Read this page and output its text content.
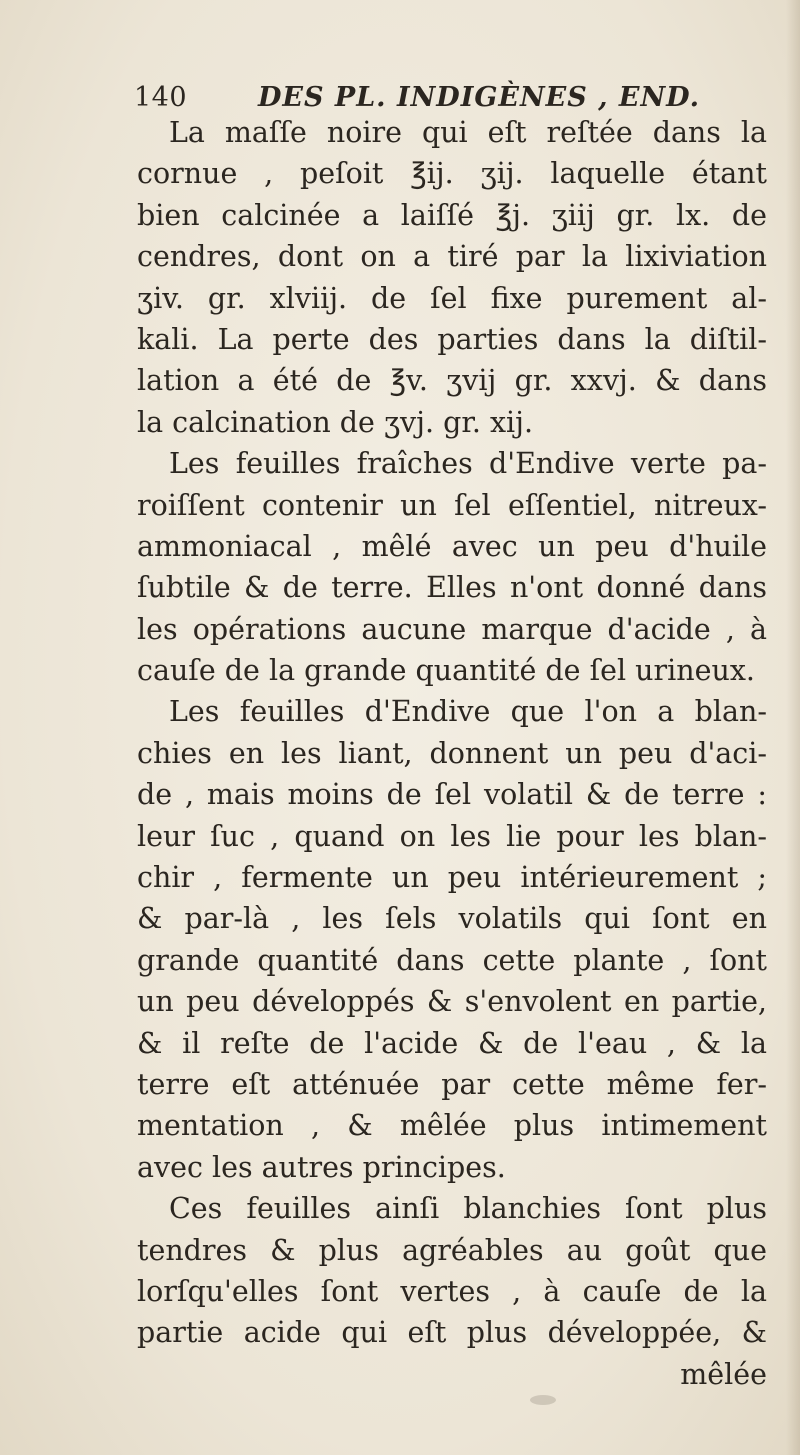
140	DES PL. INDIGÈNES , END.
La maſſe noire qui eſt reſtée dans la
cornue , peſoit ℥ij. ʒij. laquelle étant
bien calcinée a laiſſé ℥j. ʒiij gr. lx. de
cendres, dont on a tiré par la lixiviation
ʒiv. gr. xlviij. de ſel fixe purement al-
kali. La perte des parties dans la diſtil-
lation a été de ℥v. ʒvij gr. xxvj. & dans
la calcination de ʒvj. gr. xij.
Les feuilles fraîches d'Endive verte pa-
roiſſent contenir un ſel eſſentiel, nitreux-
ammoniacal , mêlé avec un peu d'huile
ſubtile & de terre. Elles n'ont donné dans
les opérations aucune marque d'acide , à
cauſe de la grande quantité de ſel urineux.
Les feuilles d'Endive que l'on a blan-
chies en les liant, donnent un peu d'aci-
de , mais moins de ſel volatil & de terre :
leur ſuc , quand on les lie pour les blan-
chir , fermente un peu intérieurement ;
& par-là , les ſels volatils qui ſont en
grande quantité dans cette plante , ſont
un peu développés & s'envolent en partie,
& il reſte de l'acide & de l'eau , & la
terre eſt atténuée par cette même fer-
mentation , & mêlée plus intimement
avec les autres principes.
Ces feuilles ainſi blanchies ſont plus
tendres & plus agréables au goût que
lorſqu'elles ſont vertes , à cauſe de la
partie acide qui eſt plus développée, &
mêlée
